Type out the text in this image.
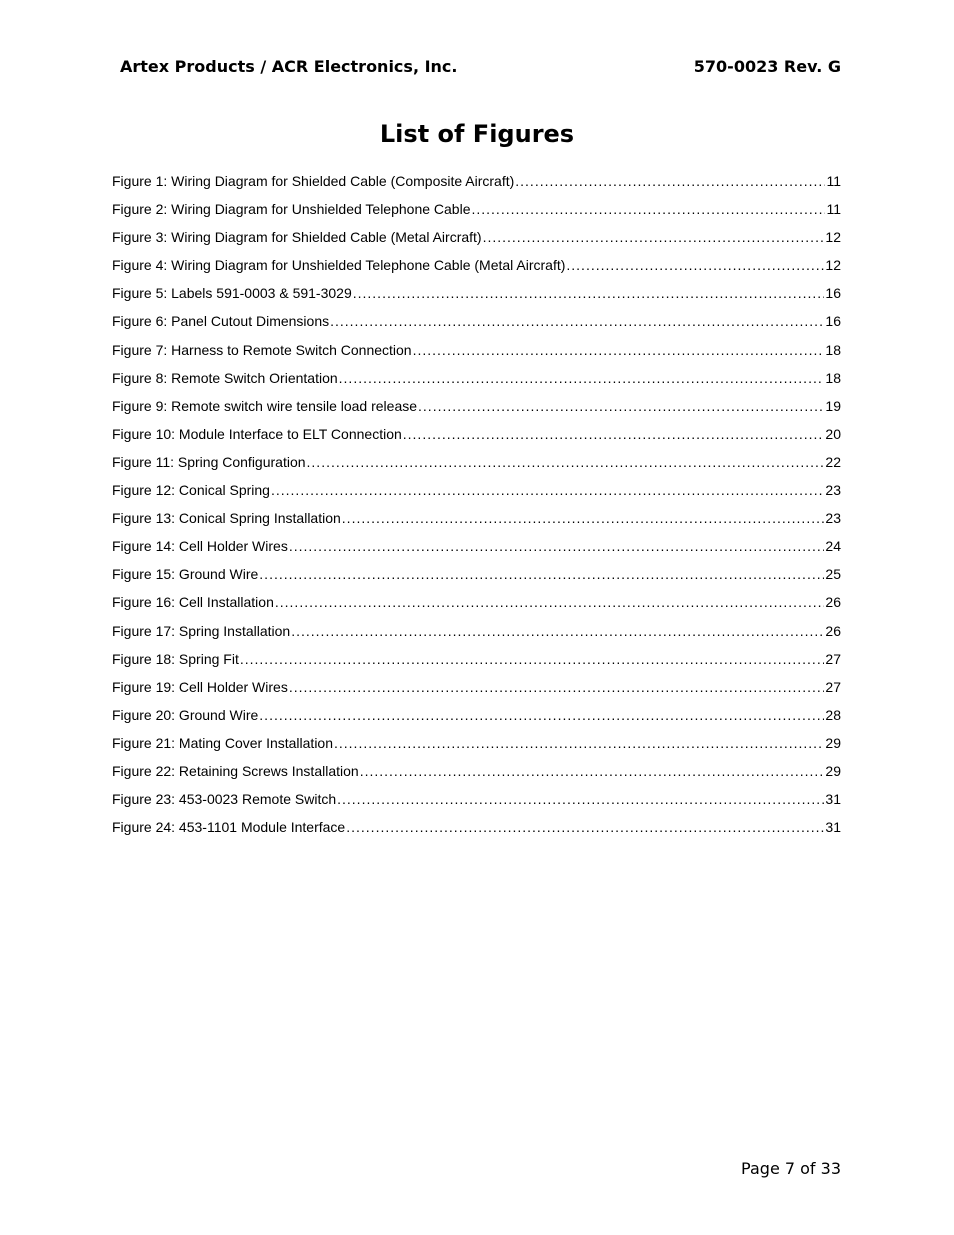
Artex Products / ACR Electronics, Inc.	570-0023 Rev. G
List of Figures
Figure 1: Wiring Diagram for Shielded Cable (Composite Aircraft) .....	11
Figure 2: Wiring Diagram for Unshielded Telephone Cable .....	11
Figure 3: Wiring Diagram for Shielded Cable (Metal Aircraft) .....	12
Figure 4: Wiring Diagram for Unshielded Telephone Cable (Metal Aircraft) .....	12
Figure 5: Labels 591-0003 & 591-3029 .....	16
Figure 6: Panel Cutout Dimensions .....	16
Figure 7: Harness to Remote Switch Connection .....	18
Figure 8: Remote Switch Orientation .....	18
Figure 9: Remote switch wire tensile load release .....	19
Figure 10: Module Interface to ELT Connection .....	20
Figure 11: Spring Configuration .....	22
Figure 12: Conical Spring .....	23
Figure 13: Conical Spring Installation .....	23
Figure 14: Cell Holder Wires .....	24
Figure 15: Ground Wire .....	25
Figure 16: Cell Installation .....	26
Figure 17: Spring Installation .....	26
Figure 18: Spring Fit .....	27
Figure 19: Cell Holder Wires .....	27
Figure 20: Ground Wire .....	28
Figure 21: Mating Cover Installation .....	29
Figure 22: Retaining Screws Installation .....	29
Figure 23: 453-0023 Remote Switch .....	31
Figure 24: 453-1101 Module Interface .....	31
Page 7 of 33
